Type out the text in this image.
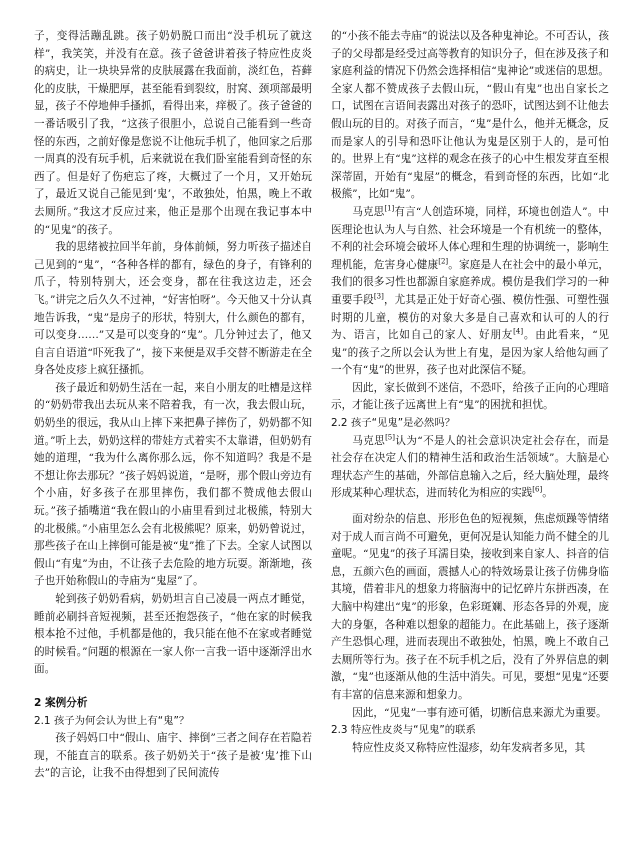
子，变得活蹦乱跳。孩子奶奶脱口而出“没手机玩了就这样”，我笑笑，并没有在意。孩子爸爸讲着孩子特应性皮炎的病史，让一块块异常的皮肤展露在我面前，淡红色，苔藓化的皮肤，干燥肥厚，甚至能看到裂纹，肘窝、颈项部最明显，孩子不停地伸手搔抓，看得出来，痒极了。孩子爸爸的一番话吸引了我，“这孩子很胆小，总说自己能看到一些奇怪的东西，之前好像是您说不让他玩手机了，他回家之后那一周真的没有玩手机，后来就说在我们卧室能看到奇怪的东西了。但是好了伤疤忘了疼，大概过了一个月，又开始玩了，最近又说自己能见到‘鬼’，不敢独处，怕黑，晚上不敢去厕所。”我这才反应过来，他正是那个出现在我记事本中的“见鬼”的孩子。

我的思绪被拉回半年前，身体前倾，努力听孩子描述自己见到的“鬼”，“各种各样的都有，绿色的身子，有锋利的爪子，特别特别大，还会变身，都在往我这边走，还会飞。”讲完之后久久不过神，“好害怕呀”。今天他又十分认真地告诉我，“鬼”是房子的形状，特别大，什么颜色的都有，可以变身……”又是可以变身的“鬼”。几分钟过去了，他又自言自语道“吓死我了”，接下来便是双手交替不断游走在全身各处皮疹上疯狂搔抓。

孩子最近和奶奶生活在一起，来自小朋友的吐槽是这样的“奶奶带我出去玩从来不陪着我，有一次，我去假山玩，奶奶坐的很远，我从山上摔下来把鼻子摔伤了，奶奶都不知道。”听上去，奶奶这样的带娃方式着实不太靠谱，但奶奶有她的道理，“我为什么离你那么远，你不知道吗？我是不是不想让你去那玩？”孩子妈妈说道，“是呀，那个假山旁边有个小庙，好多孩子在那里摔伤，我们都不赞成他去假山玩。”孩子插嘴道“我在假山的小庙里看到过北极熊，特别大的北极熊。”小庙里怎么会有北极熊呢？原来，奶奶曾说过，那些孩子在山上摔倒可能是被“鬼”推了下去。全家人试图以假山“有鬼”为由，不让孩子去危险的地方玩耍。渐渐地，孩子也开始称假山的寺庙为“鬼屋”了。

轮到孩子奶奶看病，奶奶坦言自己凌晨一两点才睡觉，睡前必刷抖音短视频，甚至还抱怨孩子，“他在家的时候我根本抢不过他，手机都是他的，我只能在他不在家或者睡觉的时候看。”问题的根源在一家人你一言我一语中逐渐浮出水面。

2 案例分析

2.1 孩子为何会认为世上有“鬼”？

孩子妈妈口中“假山、庙宇、摔倒”三者之间存在若隐若现，不能直言的联系。孩子奶奶关于“孩子是被‘鬼’推下山去”的言论，让我不由得想到了民间流传

的“小孩不能去寺庙”的说法以及各种鬼神论。不可否认，孩子的父母都是经受过高等教育的知识分子，但在涉及孩子和家庭利益的情况下仍然会选择相信“鬼神论”或迷信的思想。全家人都不赞成孩子去假山玩，“假山有鬼”也出自家长之口，试图在言语间表露出对孩子的恐吓，试图达到不让他去假山玩的目的。对孩子而言，“鬼”是什么，他并无概念，反而是家人的引导和恐吓让他认为鬼是区别于人的，是可怕的。世界上有“鬼”这样的观念在孩子的心中生根发芽直至根深蒂固，开始有“鬼屋”的概念，看到奇怪的东西，比如“北极熊”，比如“鬼”。

马克思[1]有言“人创造环境，同样，环境也创造人”。中医理论也认为人与自然、社会环境是一个有机统一的整体，不利的社会环境会破坏人体心理和生理的协调统一，影响生理机能，危害身心健康[2]。家庭是人在社会中的最小单元，我们的很多习性也都源自家庭养成。模仿是我们学习的一种重要手段[3]，尤其是正处于好奇心强、模仿性强、可塑性强时期的儿童，模仿的对象大多是自己喜欢和认可的人的行为、语言，比如自己的家人、好朋友[4]。由此看来，“见鬼”的孩子之所以会认为世上有鬼，是因为家人给他勾画了一个有“鬼”的世界，孩子也对此深信不疑。

因此，家长做到不迷信，不恐吓，给孩子正向的心理暗示，才能让孩子远离世上有“鬼”的困扰和担忧。

2.2 孩子“见鬼”是必然吗？

马克思[5]认为“不是人的社会意识决定社会存在，而是社会存在决定人们的精神生活和政治生活领域”。大脑是心理状态产生的基础，外部信息输入之后，经大脑处理，最终形成某种心理状态，进而转化为相应的实践[6]。

面对纷杂的信息、形形色色的短视频，焦虑烦躁等情绪对于成人而言尚不可避免，更何况是认知能力尚不健全的儿童呢。“见鬼”的孩子耳濡目染，接收到来自家人、抖音的信息，五颜六色的画面，震撼人心的特效场景让孩子仿佛身临其境，借着非凡的想象力将脑海中的记忆碎片东拼西凑，在大脑中构建出“鬼”的形象，色彩斑斓、形态各异的外观，庞大的身躯，各种难以想象的超能力。在此基础上，孩子逐渐产生恐惧心理，进而表现出不敢独处，怕黑，晚上不敢自己去厕所等行为。孩子在不玩手机之后，没有了外界信息的刺激，“鬼”也逐渐从他的生活中消失。可见，要想“见鬼”还要有丰富的信息来源和想象力。

因此，“见鬼”一事有迹可循，切断信息来源尤为重要。

2.3 特应性皮炎与“见鬼”的联系

特应性皮炎又称特应性湿疹，幼年发病者多见，其
